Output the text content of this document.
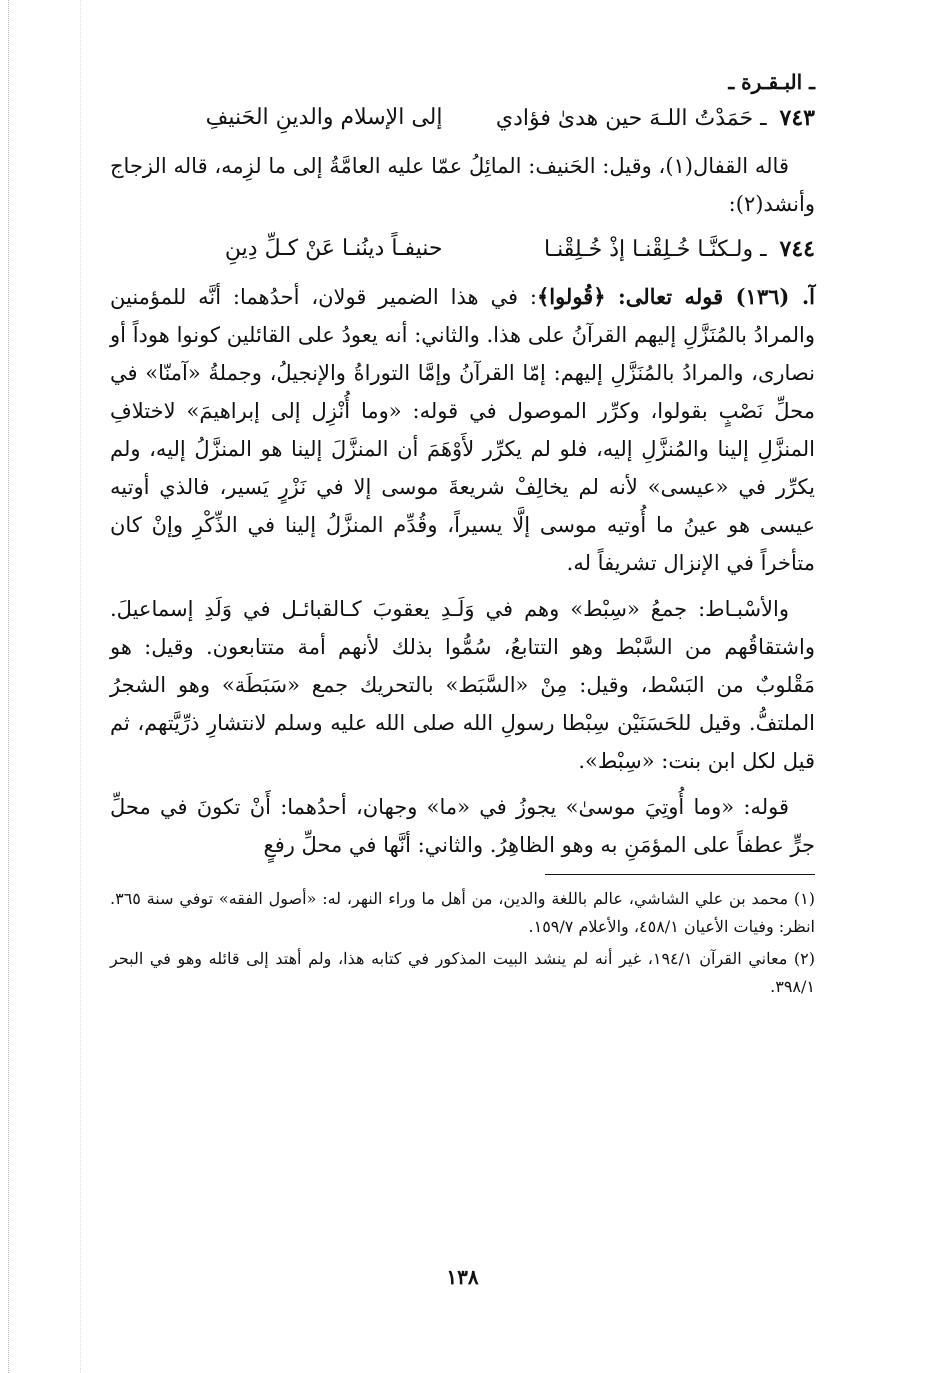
ـ البـقـرة ـ
٧٤٣ ـ حَمَدْتُ اللـهَ حين هدىٰ فؤادي
إلى الإسلام والدينِ الحَنيفِ

قاله القفال(١)، وقيل: الحَنيف: المائِلُ عمّا عليه العامَّةُ إلى ما لزِمه، قاله الزجاج وأنشد(٢):

٧٤٤ ـ ولـكنَّـا خُـلِقْنـا إذْ خُـلِقْنـا
حنيفـاً دينُنـا عَنْ كـلِّ دِينِ

آ. (١٣٦) قوله تعالى: ﴿قُولوا﴾: في هذا الضمير قولان، أحدُهما: أنَّه للمؤمنين والمرادُ بالمُنَزَّلِ إليهم القرآنُ على هذا. والثاني: أنه يعودُ على القائلين كونوا هوداً أو نصارى، والمرادُ بالمُنَزَّلِ إليهم: إمّا القرآنُ وإمَّا التوراةُ والإنجيلُ، وجملةُ «آمنّا» في محلِّ نَصْبٍ بقولوا، وكرِّر الموصول في قوله: «وما أُنْزِل إلى إبراهيمَ» لاختلافِ المنزَّلِ إلينا والمُنزَّلِ إليه، فلو لم يكرِّر لأَوْهَمَ أن المنزَّلَ إلينا هو المنزَّلُ إليه، ولم يكرِّر في «عيسى» لأنه لم يخالِفْ شريعةَ موسى إلا في نَزْرٍ يَسير، فالذي أوتيه عيسى هو عينُ ما أُوتيه موسى إلَّا يسيراً، وقُدِّم المنزَّلُ إلينا في الذِّكْرِ وإنْ كان متأخراً في الإنزال تشريفاً له.

والأسْبـاط: جمعُ «سِبْط» وهم في وَلَـدِ يعقوبَ كـالقبائـل في وَلَدِ إسماعيلَ. واشتقاقُهم من السَّبْط وهو التتابعُ، سُمُّوا بذلك لأنهم أمة متتابعون. وقيل: هو مَقْلوبٌ من البَسْط، وقيل: مِنْ «السَّبَط» بالتحريك جمع «سَبَطَة» وهو الشجرُ الملتفُّ. وقيل للحَسَنَيْن سِبْطا رسولِ الله صلى الله عليه وسلم لانتشارِ ذرِّيَّتهم، ثم قيل لكل ابن بنت: «سِبْط».

قوله: «وما أُوتِيَ موسىٰ» يجوزُ في «ما» وجهان، أحدُهما: أَنْ تكونَ في محلِّ جرٍّ عطفاً على المؤمَنِ به وهو الظاهِرُ. والثاني: أنَّها في محلِّ رفعٍ

(١) محمد بن علي الشاشي، عالم باللغة والدين، من أهل ما وراء النهر، له: «أصول الفقه» توفي سنة ٣٦٥. انظر: وفيات الأعيان ٤٥٨/١، والأعلام ١٥٩/٧.

(٢) معاني القرآن ١٩٤/١، غير أنه لم ينشد البيت المذكور في كتابه هذا، ولم أهتد إلى قائله وهو في البحر ٣٩٨/١.

١٣٨
